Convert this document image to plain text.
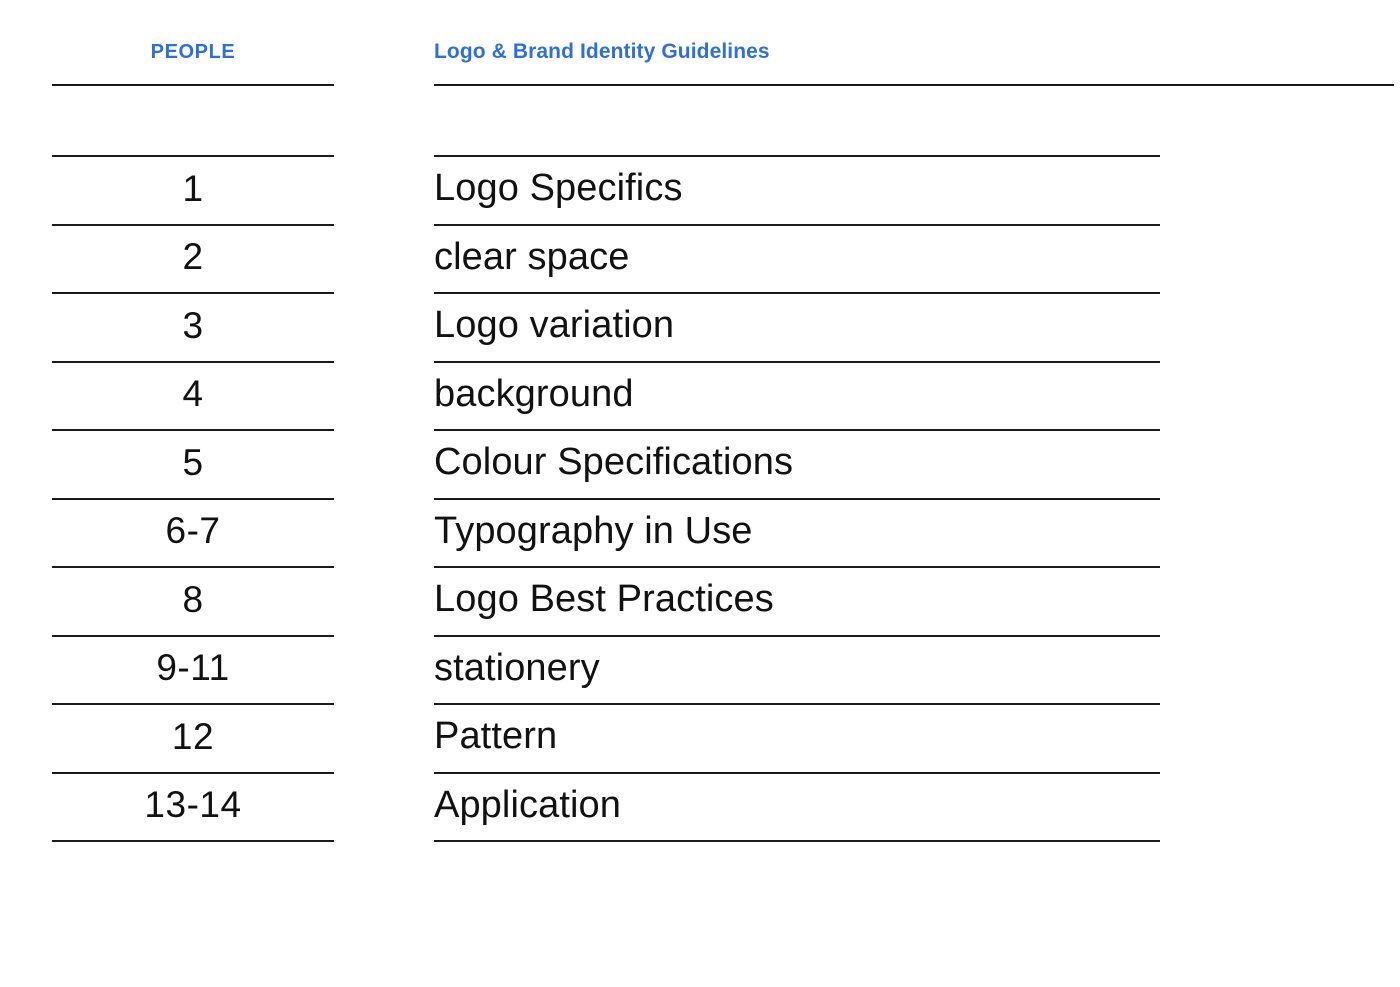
PEOPLE	Logo & Brand Identity Guidelines
1	Logo Specifics
2	clear space
3	Logo variation
4	background
5	Colour Specifications
6-7	Typography in Use
8	Logo Best Practices
9-11	stationery
12	Pattern
13-14	Application
